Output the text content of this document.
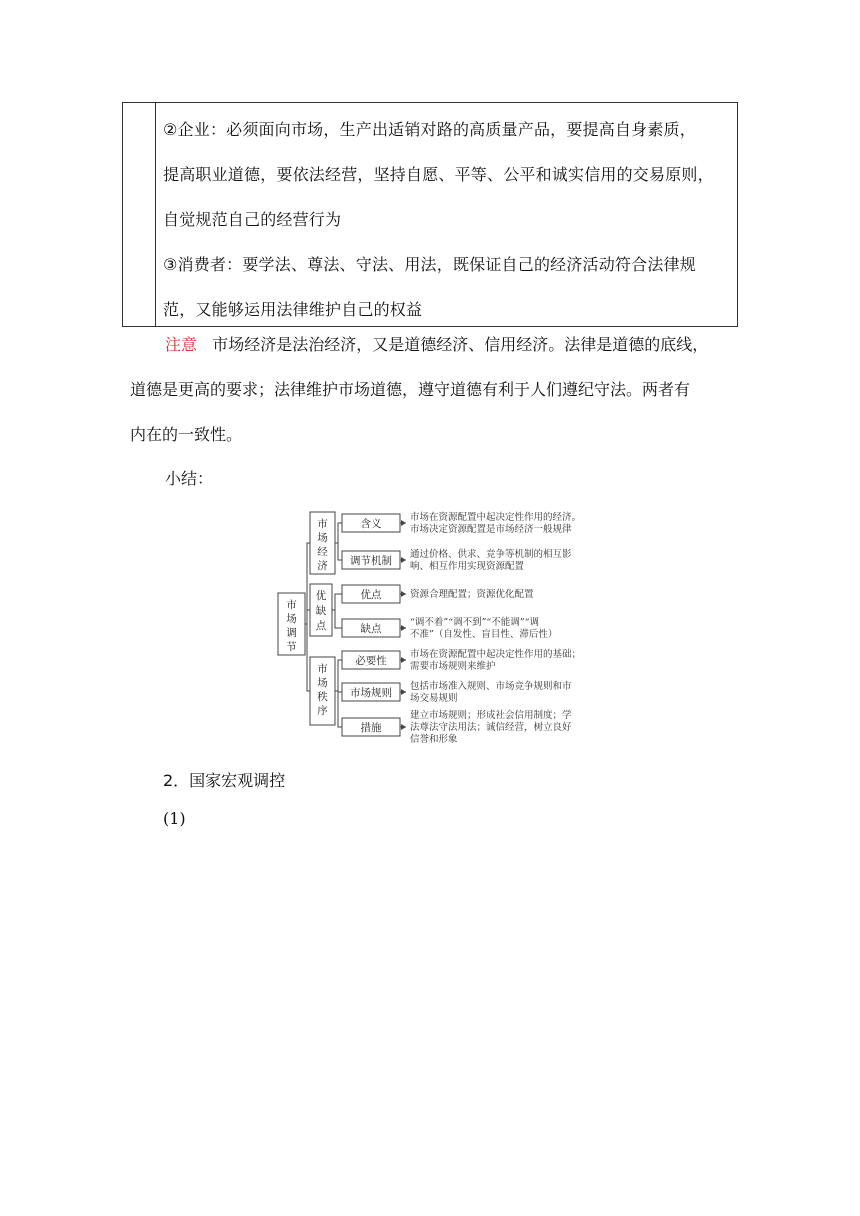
②企业：必须面向市场，生产出适销对路的高质量产品，要提高自身素质，

提高职业道德，要依法经营，坚持自愿、平等、公平和诚实信用的交易原则，

自觉规范自己的经营行为

③消费者：要学法、尊法、守法、用法，既保证自己的经济活动符合法律规

范，又能够运用法律维护自己的权益

注意 市场经济是法治经济，又是道德经济、信用经济。法律是道德的底线，
道德是更高的要求；法律维护市场道德，遵守道德有利于人们遵纪守法。两者有
内在的一致性。
小结：
市
场
调
节
市
场
经
济
含义
市场在资源配置中起决定性作用的经济。
市场决定资源配置是市场经济一般规律
调节机制
通过价格、供求、竞争等机制的相互影
响、相互作用实现资源配置
优
缺
点
优点	资源合理配置；资源优化配置
缺点
“调不着”“调不到”“不能调”“调
不准”（自发性、盲目性、滞后性）
市
场
秩
序
必要性
市场在资源配置中起决定性作用的基础；
需要市场规则来维护
市场规则
包括市场准入规则、市场竞争规则和市
场交易规则
措施
建立市场规则；形成社会信用制度；学
法尊法守法用法；诚信经营，树立良好
信誉和形象
2．国家宏观调控
(1)
